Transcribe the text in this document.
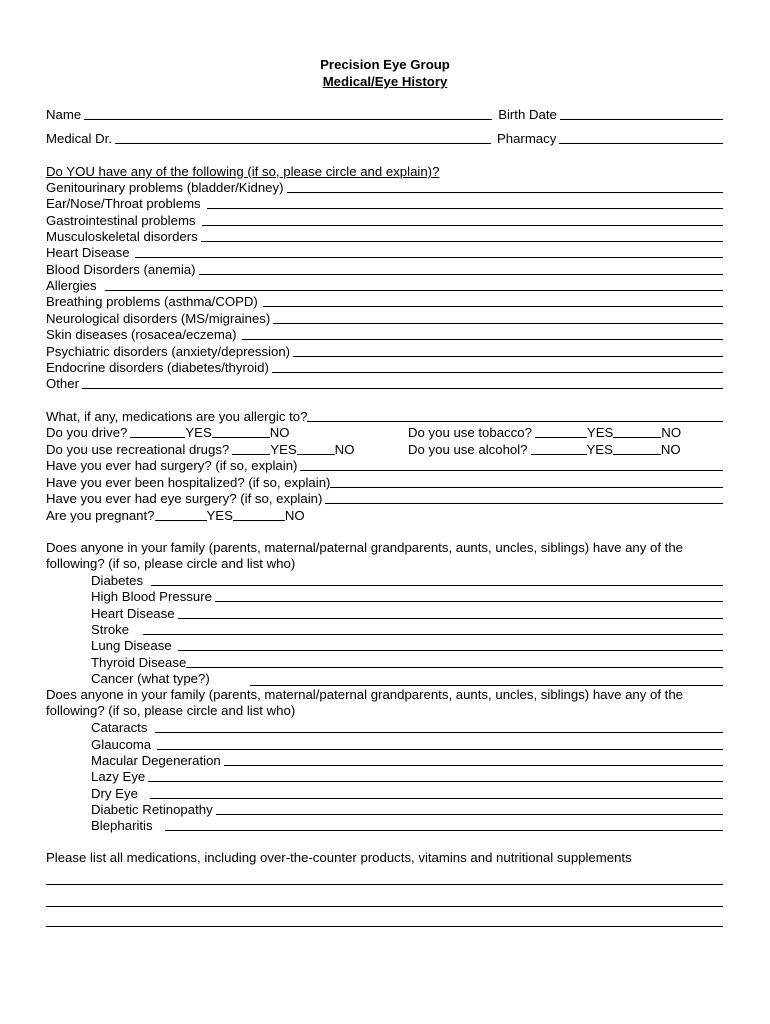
Precision Eye Group
Medical/Eye History
Name	Birth Date
Medical Dr.	Pharmacy
Do YOU have any of the following (if so, please circle and explain)?
Genitourinary problems (bladder/Kidney)
Ear/Nose/Throat problems
Gastrointestinal problems
Musculoskeletal disorders
Heart Disease
Blood Disorders (anemia)
Allergies
Breathing problems (asthma/COPD)
Neurological disorders (MS/migraines)
Skin diseases (rosacea/eczema)
Psychiatric disorders (anxiety/depression)
Endocrine disorders (diabetes/thyroid)
Other
What, if any, medications are you allergic to?
Do you drive?	YES	NO	Do you use tobacco?	YES	NO
Do you use recreational drugs?	YES	NO	Do you use alcohol?	YES	NO
Have you ever had surgery? (if so, explain)
Have you ever been hospitalized? (if so, explain)
Have you ever had eye surgery? (if so, explain)
Are you pregnant?	YES	NO
Does anyone in your family (parents, maternal/paternal grandparents, aunts, uncles, siblings) have any of the following? (if so, please circle and list who)
Diabetes
High Blood Pressure
Heart Disease
Stroke
Lung Disease
Thyroid Disease
Cancer (what type?)
Does anyone in your family (parents, maternal/paternal grandparents, aunts, uncles, siblings) have any of the following? (if so, please circle and list who)
Cataracts
Glaucoma
Macular Degeneration
Lazy Eye
Dry Eye
Diabetic Retinopathy
Blepharitis
Please list all medications, including over-the-counter products, vitamins and nutritional supplements
